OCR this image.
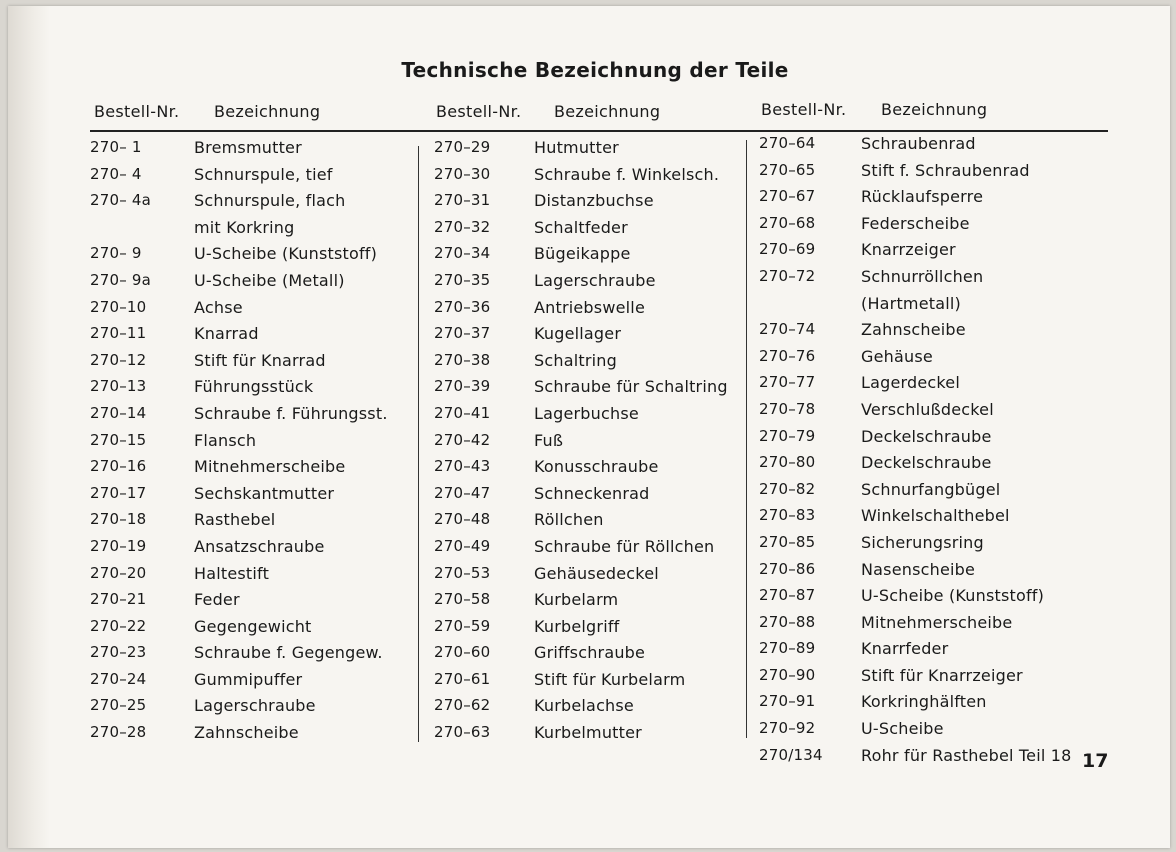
Technische Bezeichnung der Teile
Bestell-Nr. Bezeichnung	Bestell-Nr. Bezeichnung	Bestell-Nr. Bezeichnung
270– 1	Bremsmutter
270– 4	Schnurspule, tief
270– 4a	Schnurspule, flach
mit Korkring
270– 9	U-Scheibe (Kunststoff)
270– 9a	U-Scheibe (Metall)
270–10	Achse
270–11	Knarrad
270–12	Stift für Knarrad
270–13	Führungsstück
270–14	Schraube f. Führungsst.
270–15	Flansch
270–16	Mitnehmerscheibe
270–17	Sechskantmutter
270–18	Rasthebel
270–19	Ansatzschraube
270–20	Haltestift
270–21	Feder
270–22	Gegengewicht
270–23	Schraube f. Gegengew.
270–24	Gummipuffer
270–25	Lagerschraube
270–28	Zahnscheibe
270–29	Hutmutter
270–30	Schraube f. Winkelsch.
270–31	Distanzbuchse
270–32	Schaltfeder
270–34	Bügeikappe
270–35	Lagerschraube
270–36	Antriebswelle
270–37	Kugellager
270–38	Schaltring
270–39	Schraube für Schaltring
270–41	Lagerbuchse
270–42	Fuß
270–43	Konusschraube
270–47	Schneckenrad
270–48	Röllchen
270–49	Schraube für Röllchen
270–53	Gehäusedeckel
270–58	Kurbelarm
270–59	Kurbelgriff
270–60	Griffschraube
270–61	Stift für Kurbelarm
270–62	Kurbelachse
270–63	Kurbelmutter
270–64	Schraubenrad
270–65	Stift f. Schraubenrad
270–67	Rücklaufsperre
270–68	Federscheibe
270–69	Knarrzeiger
270–72	Schnurröllchen
(Hartmetall)
270–74	Zahnscheibe
270–76	Gehäuse
270–77	Lagerdeckel
270–78	Verschlußdeckel
270–79	Deckelschraube
270–80	Deckelschraube
270–82	Schnurfangbügel
270–83	Winkelschalthebel
270–85	Sicherungsring
270–86	Nasenscheibe
270–87	U-Scheibe (Kunststoff)
270–88	Mitnehmerscheibe
270–89	Knarrfeder
270–90	Stift für Knarrzeiger
270–91	Korkringhälften
270–92	U-Scheibe
270/134 Rohr für Rasthebel Teil 18 17
